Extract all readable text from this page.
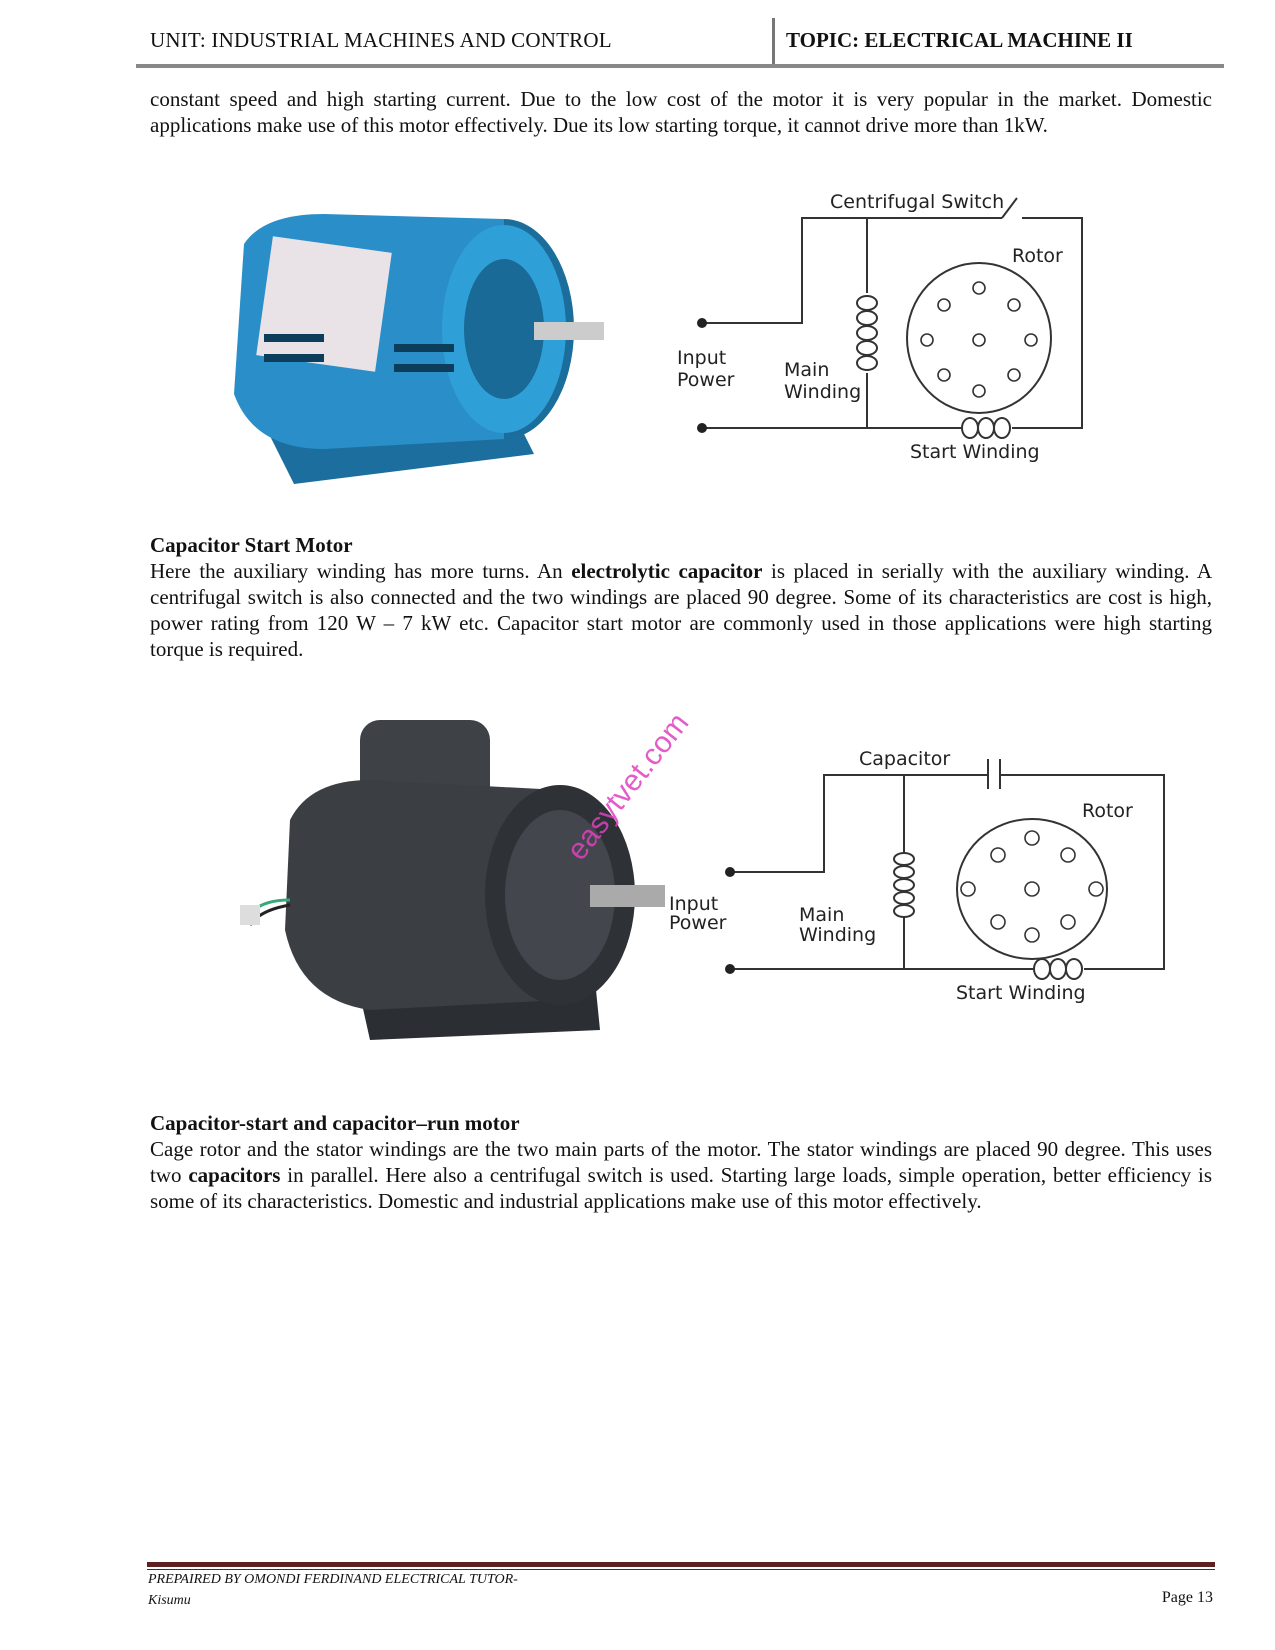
UNIT: INDUSTRIAL MACHINES AND CONTROL	TOPIC: ELECTRICAL MACHINE II
constant speed and high starting current. Due to the low cost of the motor it is very popular in the market. Domestic applications make use of this motor effectively. Due its low starting torque, it cannot drive more than 1kW.
Centrifugal Switch
Rotor
Input
Power	Main
Winding
Start Winding
Capacitor Start Motor
Here the auxiliary winding has more turns. An electrolytic capacitor is placed in serially with the auxiliary winding. A centrifugal switch is also connected and the two windings are placed 90 degree. Some of its characteristics are cost is high, power rating from 120 W – 7 kW etc. Capacitor start motor are commonly used in those applications were high starting torque is required.
easytvet.com	Capacitor
Rotor
Input
Power	Main
Winding
Start Winding
Capacitor-start and capacitor–run motor
Cage rotor and the stator windings are the two main parts of the motor. The stator windings are placed 90 degree. This uses two capacitors in parallel. Here also a centrifugal switch is used. Starting large loads, simple operation, better efficiency is some of its characteristics. Domestic and industrial applications make use of this motor effectively.
PREPAIRED BY OMONDI FERDINAND ELECTRICAL TUTOR-
Kisumu	Page 13
